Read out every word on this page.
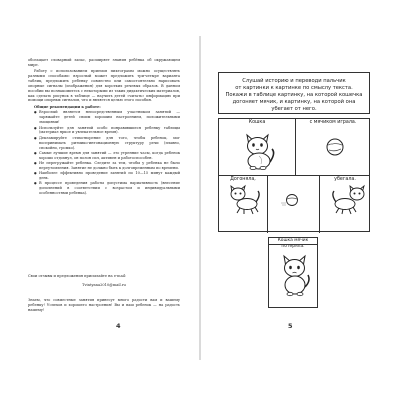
обогащает словарный запас, расширяет знания ребёнка об окружающем мире.

Работу с использованием приемов пиктограмм можно осуществлять разными способами: взрослый может предложить три-четыре варианта таблиц, предложить ребенку совместно или самостоятельно нарисовать опорные сигналы (изображения) для коротких речевых образов. В данном пособии вы познакомитесь с некоторыми из таких дидактических материалов, как сделать рисунок в таблице — научить детей «читать» информацию при помощи опорных сигналов, что и является целью этого пособия.

Общие рекомендации к работе:

● Взрослый является непосредственным участником занятий — заряжайте детей своим хорошим настроением, положительными эмоциями!
● Используйте для занятий особо понравившиеся ребенку таблицы (материал яркое и увлекательное время).
● Декламируйте стихотворение для того, чтобы ребенок, мог воспринимать ритмико-интонационную структуру речи (плавно, спокойно, громко).
● Самые лучшие время для занятий — это утренние часы, когда ребенок хорошо отдохнул, он полон сил, активен и работоспособен.
● Не перегружайте ребенка. Следите за тем, чтобы у ребенка не было переутомления. Занятие не должно быть к долговременным по времени.
● Наиболее эффективно проведение занятий по 10—15 минут каждый день.
● В процессе проведения работы допустима вариативность (внесение дополнений в соответствии с возрастом и индивидуальными особенностями ребенка).
Свои отзывы и предложения присылайте на e-mail:
Tvintyana2010@mail.ru
Знаем, что совместные занятия принесут много радости вам и вашему ребенку! Успехов и хорошего настроения! Вы и ваш ребенок — на радость нашему!
4
Слушай историю и переводи пальчик
от картинки к картинке по смыслу текста.
Покажи в таблице картинку, на которой кошечка
догоняет мячик, и картинку, на которой она
убегает от него.
Кошка	с мячиком играла.
Догоняла,	убегала.
Кошка мячик потеряла.
5
